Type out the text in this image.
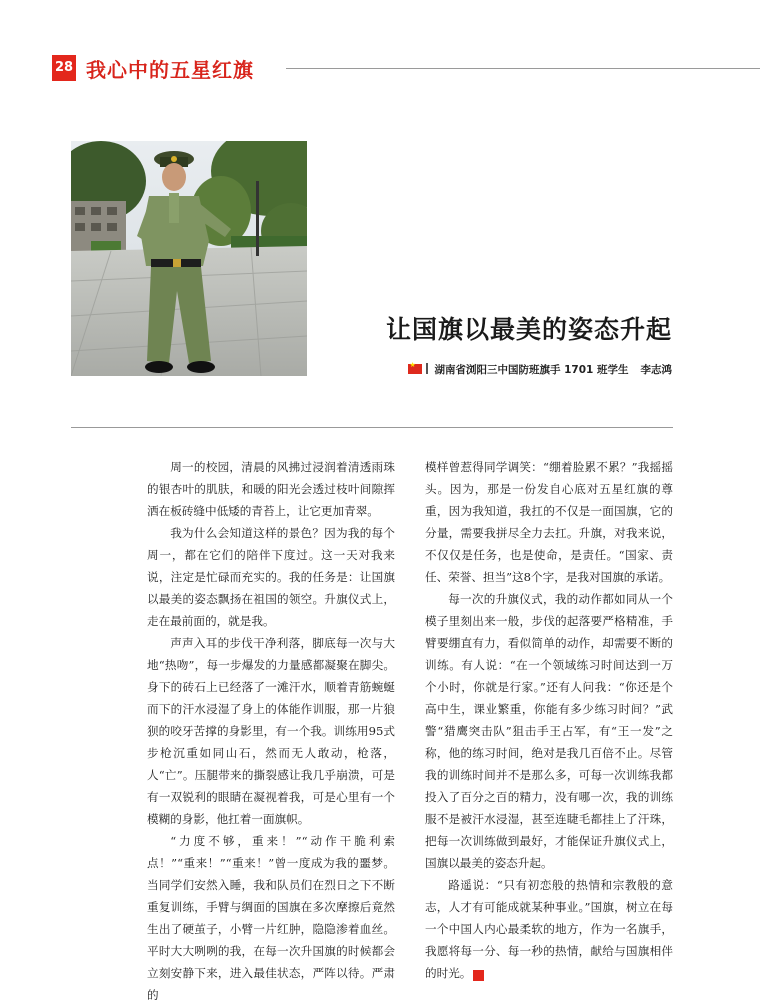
28 我心中的五星红旗
让国旗以最美的姿态升起
★湖南省浏阳三中国防班旗手 1701 班学生 李志鸿

周一的校园，清晨的风拂过浸润着清透雨珠的银杏叶的肌肤，和暖的阳光会透过枝叶间隙挥洒在板砖缝中低矮的青苔上，让它更加青翠。

我为什么会知道这样的景色？因为我的每个周一，都在它们的陪伴下度过。这一天对我来说，注定是忙碌而充实的。我的任务是：让国旗以最美的姿态飘扬在祖国的领空。升旗仪式上，走在最前面的，就是我。

声声入耳的步伐干净利落，脚底每一次与大地“热吻”，每一步爆发的力量感都凝聚在脚尖。身下的砖石上已经落了一滩汗水，顺着青筋蜿蜒而下的汗水浸湿了身上的体能作训服，那一片狼狈的咬牙苦撑的身影里，有一个我。训练用95式步枪沉重如同山石，然而无人敢动，枪落，人“亡”。压腿带来的撕裂感让我几乎崩溃，可是有一双锐利的眼睛在凝视着我，可是心里有一个模糊的身影，他扛着一面旗帜。

“力度不够，重来！”“动作干脆利索点！”“重来！”“重来！”曾一度成为我的噩梦。当同学们安然入睡，我和队员们在烈日之下不断重复训练，手臂与绸面的国旗在多次摩擦后竟然生出了硬茧子，小臂一片红肿，隐隐渗着血丝。平时大大咧咧的我，在每一次升国旗的时候都会立刻安静下来，进入最佳状态，严阵以待。严肃的

模样曾惹得同学调笑：“绷着脸累不累？”我摇摇头。因为，那是一份发自心底对五星红旗的尊重，因为我知道，我扛的不仅是一面国旗，它的分量，需要我拼尽全力去扛。升旗，对我来说，不仅仅是任务，也是使命，是责任。“国家、责任、荣誉、担当”这8个字，是我对国旗的承诺。

每一次的升旗仪式，我的动作都如同从一个模子里刻出来一般，步伐的起落要严格精准，手臂要绷直有力，看似简单的动作，却需要不断的训练。有人说：“在一个领域练习时间达到一万个小时，你就是行家。”还有人问我：“你还是个高中生，课业繁重，你能有多少练习时间？”武警“猎鹰突击队”狙击手王占军，有“王一发”之称，他的练习时间，绝对是我几百倍不止。尽管我的训练时间并不是那么多，可每一次训练我都投入了百分之百的精力，没有哪一次，我的训练服不是被汗水浸湿，甚至连睫毛都挂上了汗珠，把每一次训练做到最好，才能保证升旗仪式上，国旗以最美的姿态升起。

路遥说：“只有初恋般的热情和宗教般的意志，人才有可能成就某种事业。”国旗，树立在每一个中国人内心最柔软的地方，作为一名旗手，我愿将每一分、每一秒的热情，献给与国旗相伴的时光。	G
